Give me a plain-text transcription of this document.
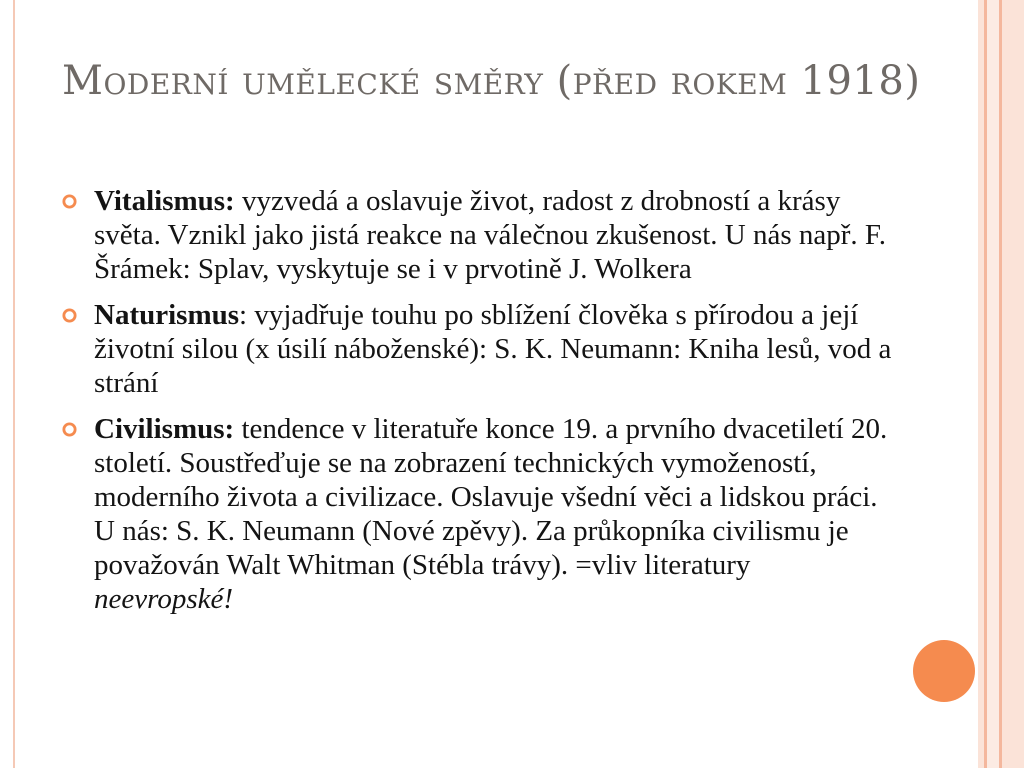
Moderní umělecké směry (před rokem 1918)
Vitalismus: vyzvedá a oslavuje život, radost z drobností a krásy světa. Vznikl jako jistá reakce na válečnou zkušenost. U nás např. F. Šrámek: Splav, vyskytuje se i v prvotině J. Wolkera
Naturismus: vyjadřuje touhu po sblížení člověka s přírodou a její životní silou (x úsilí náboženské): S. K. Neumann: Kniha lesů, vod a strání
Civilismus: tendence v literatuře konce 19. a prvního dvacetiletí 20. století. Soustřeďuje se na zobrazení technických vymožeností, moderního života a civilizace. Oslavuje všední věci a lidskou práci. U nás: S. K. Neumann (Nové zpěvy). Za průkopníka civilismu je považován Walt Whitman (Stébla trávy). =vliv literatury neevropské!
